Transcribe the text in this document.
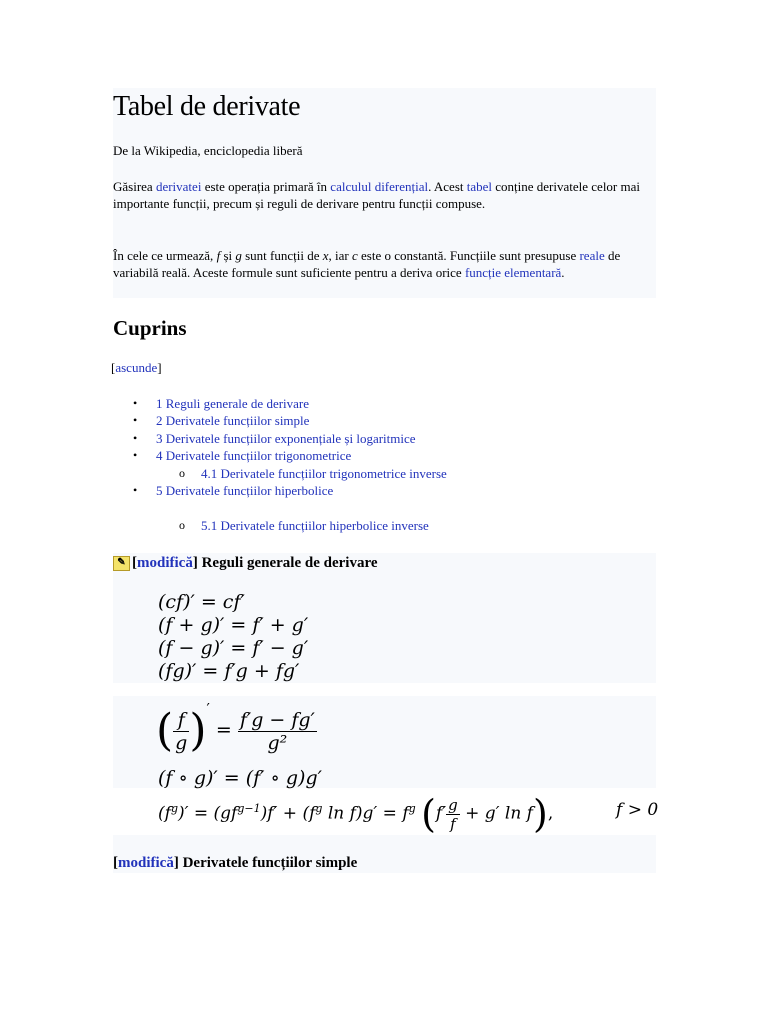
Tabel de derivate
De la Wikipedia, enciclopedia liberă
Găsirea derivatei este operația primară în calculul diferențial. Acest tabel conține derivatele celor mai importante funcții, precum și reguli de derivare pentru funcții compuse.
În cele ce urmează, f și g sunt funcții de x, iar c este o constantă. Funcțiile sunt presupuse reale de variabilă reală. Aceste formule sunt suficiente pentru a deriva orice funcție elementară.
Cuprins
[ascunde]
• 1 Reguli generale de derivare
• 2 Derivatele funcțiilor simple
• 3 Derivatele funcțiilor exponențiale și logaritmice
• 4 Derivatele funcțiilor trigonometrice
o 4.1 Derivatele funcțiilor trigonometrice inverse
• 5 Derivatele funcțiilor hiperbolice
o 5.1 Derivatele funcțiilor hiperbolice inverse
✎ [modifică] Reguli generale de derivare
(cf)′ = cf′
(f + g)′ = f′ + g′
(f − g)′ = f′ − g′
(fg)′ = f′g + fg′
( $\frac{f}{g} )'= \frac{f'g - fg'}{\text{g²}}$
(f ∘ g)′ = (f′ ∘ g)g′
$(f^g)' = (gf^{g-1})f' + (f^g$ $\ln f)g' = f^g$ ($f' \frac{g}{f} + g'$ ln f),	f > 0
[modifică] Derivatele funcțiilor simple
